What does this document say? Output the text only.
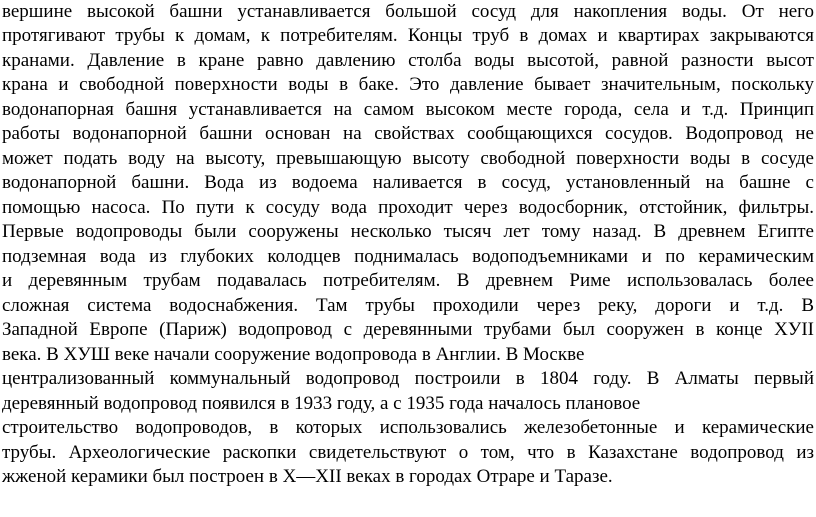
вершине высокой башни устанавливается большой сосуд для накопления воды. От него
протягивают трубы к домам, к потребителям. Концы труб в домах и квартирах закрываются
кранами. Давление в кране равно давлению столба воды высотой, равной разности высот
крана и свободной поверхности воды в баке. Это давление бывает значительным, поскольку
водонапорная башня устанавливается на самом высоком месте города, села и т.д. Принцип
работы водонапорной башни основан на свойствах сообщающихся сосудов. Водопровод не
может подать воду на высоту, превышающую высоту свободной поверхности воды в сосуде
водонапорной башни. Вода из водоема наливается в сосуд, установленный на башне с
помощью насоса. По пути к сосуду вода проходит через водосборник, отстойник, фильтры.
Первые водопроводы были сооружены несколько тысяч лет тому назад. В древнем Египте
подземная вода из глубоких колодцев поднималась водоподъемниками и по керамическим
и деревянным трубам подавалась потребителям. В древнем Риме использовалась более
сложная система водоснабжения. Там трубы проходили через реку, дороги и т.д. В
Западной Европе (Париж) водопровод с деревянными трубами был сооружен в конце ХУІІ
века. В ХУШ веке начали сооружение водопровода в Англии. В Москве
централизованный коммунальный водопровод построили в 1804 году. В Алматы первый
деревянный водопровод появился в 1933 году, а с 1935 года началось плановое
строительство водопроводов, в которых использовались железобетонные и керамические
трубы. Археологические раскопки свидетельствуют о том, что в Казахстане водопровод из
жженой керамики был построен в X—XII веках в городах Отраре и Таразе.
